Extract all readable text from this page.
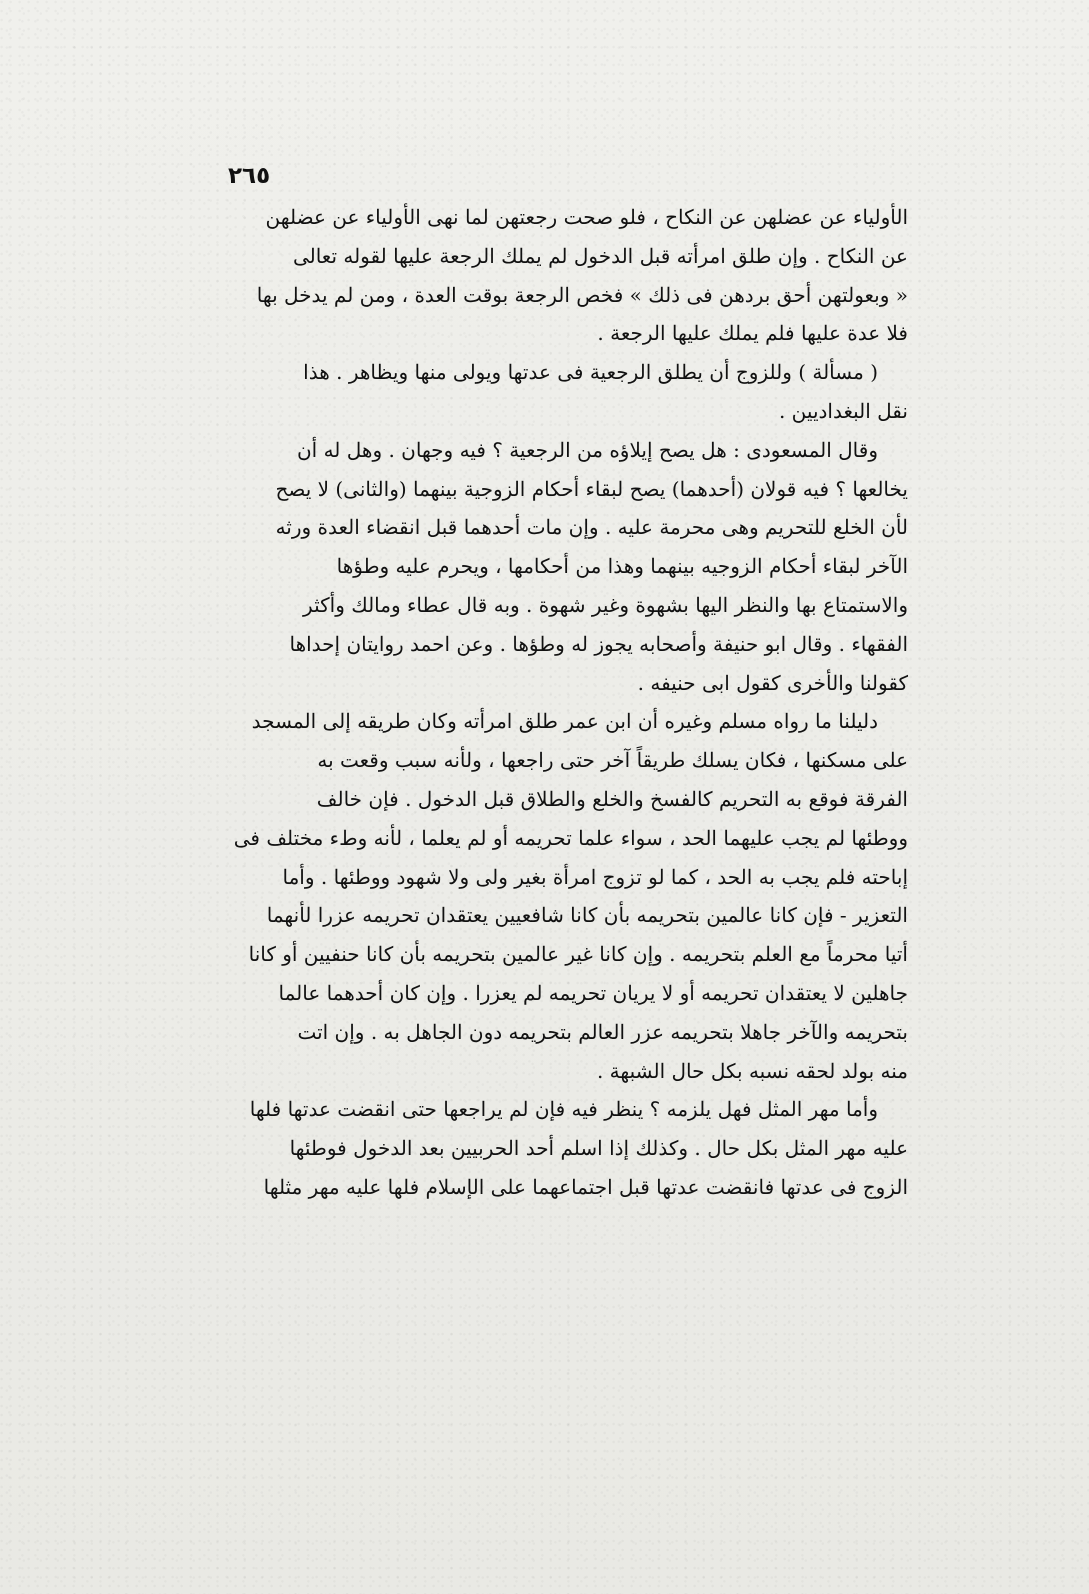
٢٦٥
الأولياء عن عضلهن عن النكاح ، فلو صحت رجعتهن لما نهى الأولياء عن عضلهن
عن النكاح . وإن طلق امرأته قبل الدخول لم يملك الرجعة عليها لقوله تعالى
« وبعولتهن أحق بردهن فى ذلك » فخص الرجعة بوقت العدة ، ومن لم يدخل بها
فلا عدة عليها فلم يملك عليها الرجعة .
( مسألة ) وللزوج أن يطلق الرجعية فى عدتها ويولى منها ويظاهر . هذا
نقل البغداديين .
وقال المسعودى : هل يصح إيلاؤه من الرجعية ؟ فيه وجهان . وهل له أن
يخالعها ؟ فيه قولان (أحدهما) يصح لبقاء أحكام الزوجية بينهما (والثانى) لا يصح
لأن الخلع للتحريم وهى محرمة عليه . وإن مات أحدهما قبل انقضاء العدة ورثه
الآخر لبقاء أحكام الزوجيه بينهما وهذا من أحكامها ، ويحرم عليه وطؤها
والاستمتاع بها والنظر اليها بشهوة وغير شهوة . وبه قال عطاء ومالك وأكثر
الفقهاء . وقال ابو حنيفة وأصحابه يجوز له وطؤها . وعن احمد روايتان إحداها
كقولنا والأخرى كقول ابى حنيفه .
دليلنا ما رواه مسلم وغيره أن ابن عمر طلق امرأته وكان طريقه إلى المسجد
على مسكنها ، فكان يسلك طريقاً آخر حتى راجعها ، ولأنه سبب وقعت به
الفرقة فوقع به التحريم كالفسخ والخلع والطلاق قبل الدخول . فإن خالف
ووطئها لم يجب عليهما الحد ، سواء علما تحريمه أو لم يعلما ، لأنه وطء مختلف فى
إباحته فلم يجب به الحد ، كما لو تزوج امرأة بغير ولى ولا شهود ووطئها . وأما
التعزير - فإن كانا عالمين بتحريمه بأن كانا شافعيين يعتقدان تحريمه عزرا لأنهما
أتيا محرماً مع العلم بتحريمه . وإن كانا غير عالمين بتحريمه بأن كانا حنفيين أو كانا
جاهلين لا يعتقدان تحريمه أو لا يريان تحريمه لم يعزرا . وإن كان أحدهما عالما
بتحريمه والآخر جاهلا بتحريمه عزر العالم بتحريمه دون الجاهل به . وإن اتت
منه بولد لحقه نسبه بكل حال الشبهة .
وأما مهر المثل فهل يلزمه ؟ ينظر فيه فإن لم يراجعها حتى انقضت عدتها فلها
عليه مهر المثل بكل حال . وكذلك إذا اسلم أحد الحربيين بعد الدخول فوطئها
الزوج فى عدتها فانقضت عدتها قبل اجتماعهما على الإسلام فلها عليه مهر مثلها
